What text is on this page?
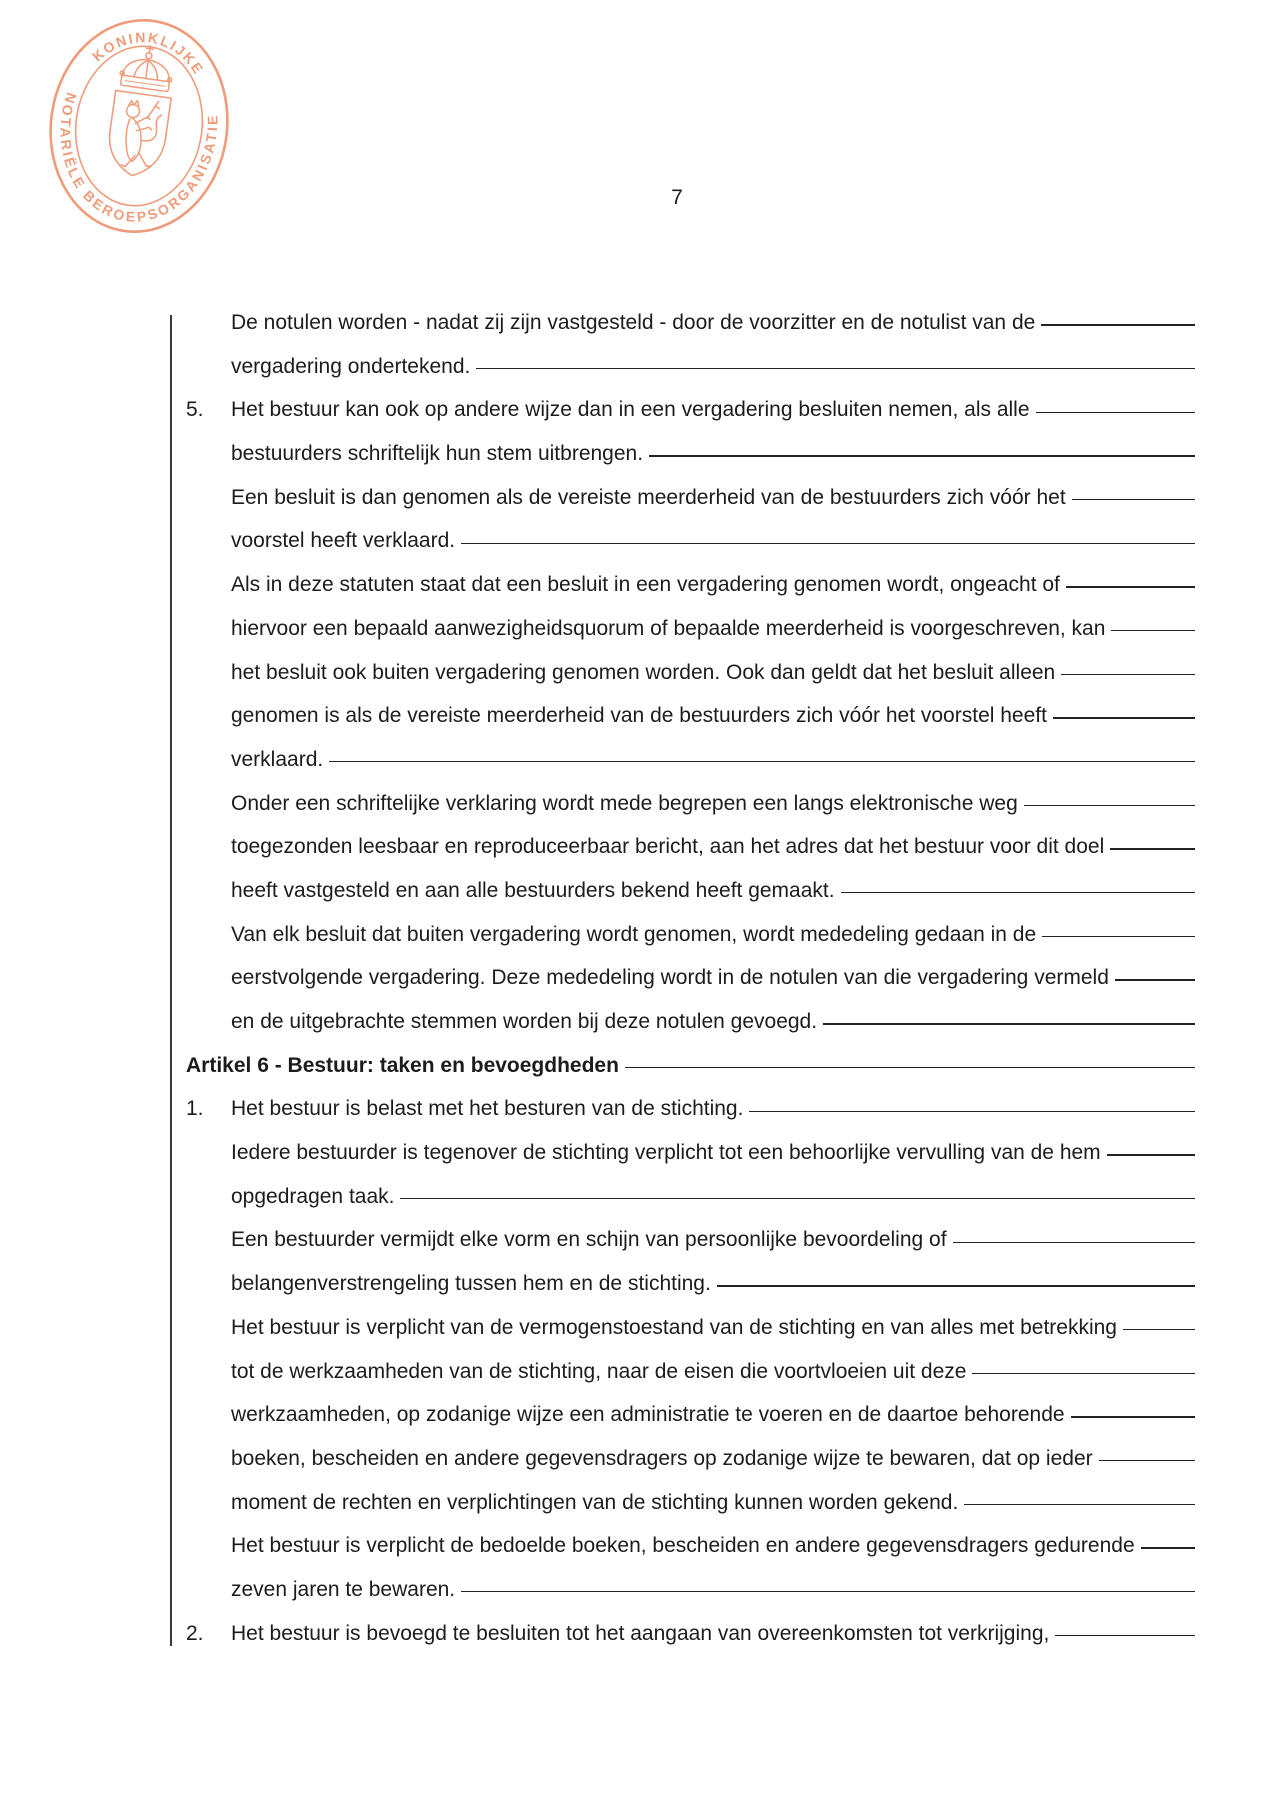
KONINKLIJKE
NOTARIËLE BEROEPSORGANISATIE
7
De notulen worden - nadat zij zijn vastgesteld - door de voorzitter en de notulist van de
vergadering ondertekend.
5.	Het bestuur kan ook op andere wijze dan in een vergadering besluiten nemen, als alle
bestuurders schriftelijk hun stem uitbrengen.
Een besluit is dan genomen als de vereiste meerderheid van de bestuurders zich vóór het
voorstel heeft verklaard.
Als in deze statuten staat dat een besluit in een vergadering genomen wordt, ongeacht of
hiervoor een bepaald aanwezigheidsquorum of bepaalde meerderheid is voorgeschreven, kan
het besluit ook buiten vergadering genomen worden. Ook dan geldt dat het besluit alleen
genomen is als de vereiste meerderheid van de bestuurders zich vóór het voorstel heeft
verklaard.
Onder een schriftelijke verklaring wordt mede begrepen een langs elektronische weg
toegezonden leesbaar en reproduceerbaar bericht, aan het adres dat het bestuur voor dit doel
heeft vastgesteld en aan alle bestuurders bekend heeft gemaakt.
Van elk besluit dat buiten vergadering wordt genomen, wordt mededeling gedaan in de
eerstvolgende vergadering. Deze mededeling wordt in de notulen van die vergadering vermeld
en de uitgebrachte stemmen worden bij deze notulen gevoegd.
Artikel 6 - Bestuur: taken en bevoegdheden
1.	Het bestuur is belast met het besturen van de stichting.
Iedere bestuurder is tegenover de stichting verplicht tot een behoorlijke vervulling van de hem
opgedragen taak.
Een bestuurder vermijdt elke vorm en schijn van persoonlijke bevoordeling of
belangenverstrengeling tussen hem en de stichting.
Het bestuur is verplicht van de vermogenstoestand van de stichting en van alles met betrekking
tot de werkzaamheden van de stichting, naar de eisen die voortvloeien uit deze
werkzaamheden, op zodanige wijze een administratie te voeren en de daartoe behorende
boeken, bescheiden en andere gegevensdragers op zodanige wijze te bewaren, dat op ieder
moment de rechten en verplichtingen van de stichting kunnen worden gekend.
Het bestuur is verplicht de bedoelde boeken, bescheiden en andere gegevensdragers gedurende
zeven jaren te bewaren.
2.	Het bestuur is bevoegd te besluiten tot het aangaan van overeenkomsten tot verkrijging,
